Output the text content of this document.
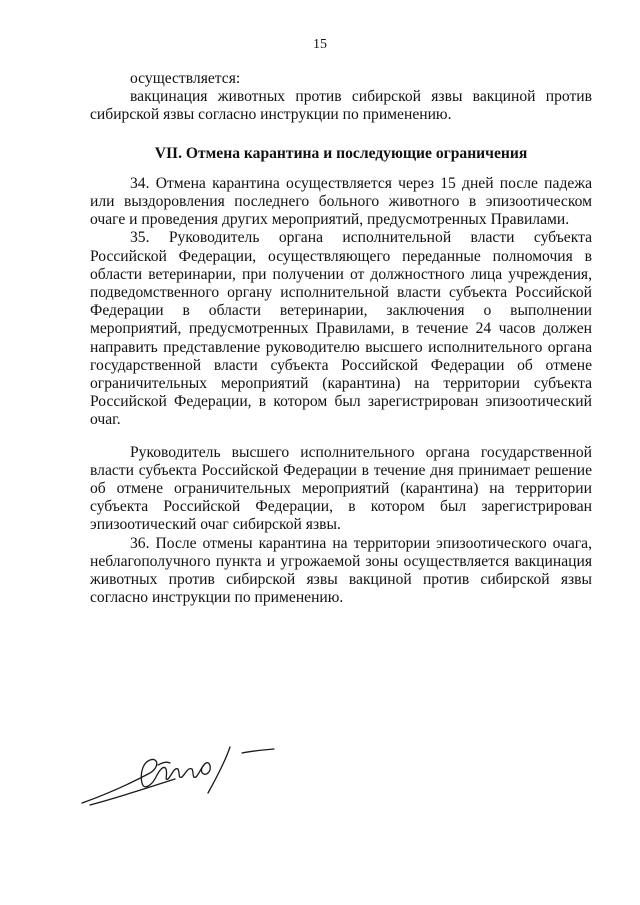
15

осуществляется:

вакцинация животных против сибирской язвы вакциной против сибирской язвы согласно инструкции по применению.

VII. Отмена карантина и последующие ограничения

34. Отмена карантина осуществляется через 15 дней после падежа или выздоровления последнего больного животного в эпизоотическом очаге и проведения других мероприятий, предусмотренных Правилами.

35. Руководитель органа исполнительной власти субъекта Российской Федерации, осуществляющего переданные полномочия в области ветеринарии, при получении от должностного лица учреждения, подведомственного органу исполнительной власти субъекта Российской Федерации в области ветеринарии, заключения о выполнении мероприятий, предусмотренных Правилами, в течение 24 часов должен направить представление руководителю высшего исполнительного органа государственной власти субъекта Российской Федерации об отмене ограничительных мероприятий (карантина) на территории субъекта Российской Федерации, в котором был зарегистрирован эпизоотический очаг.

Руководитель высшего исполнительного органа государственной власти субъекта Российской Федерации в течение дня принимает решение об отмене ограничительных мероприятий (карантина) на территории субъекта Российской Федерации, в котором был зарегистрирован эпизоотический очаг сибирской язвы.

36. После отмены карантина на территории эпизоотического очага, неблагополучного пункта и угрожаемой зоны осуществляется вакцинация животных против сибирской язвы вакциной против сибирской язвы согласно инструкции по применению.
